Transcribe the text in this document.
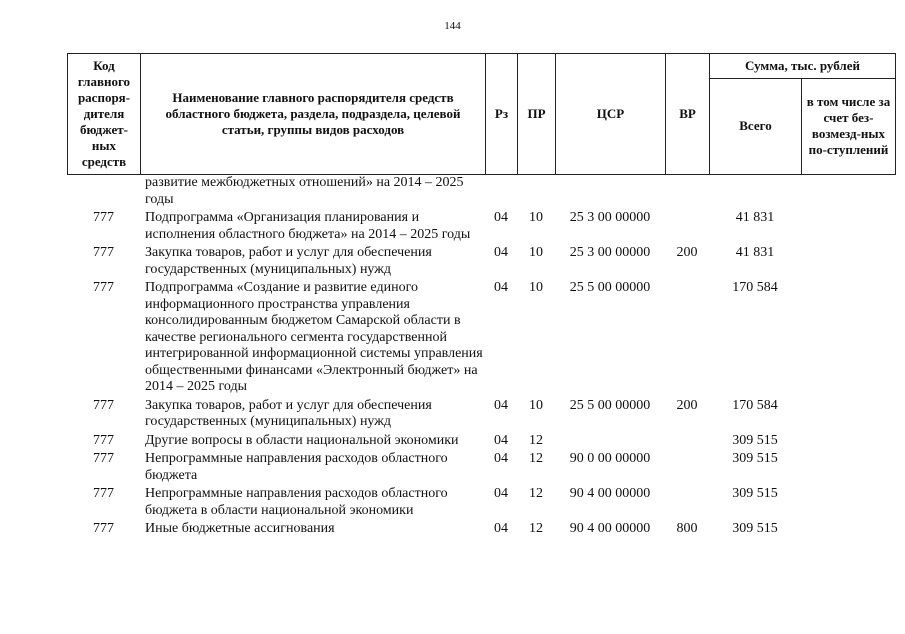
144
Код главного распоря-дителя бюджет-ных средств	Наименование главного распорядителя средств областного бюджета, раздела, подраздела, целевой статьи, группы видов расходов	Рз	ПР	ЦСР	ВР	Сумма, тыс. рублей	
						Всего	в том числе за счет без-возмезд-ных по-ступлений
	развитие межбюджетных отношений» на 2014 – 2025 годы						
777	Подпрограмма «Организация планирования и исполнения областного бюджета» на 2014 – 2025 годы	04	10	25 3 00 00000		41 831	
777	Закупка товаров, работ и услуг для обеспечения государственных (муниципальных) нужд	04	10	25 3 00 00000	200	41 831	
777	Подпрограмма «Создание и развитие единого информационного пространства управления консолидированным бюджетом Самарской области в качестве регионального сегмента государственной интегрированной информационной системы управления общественными финансами «Электронный бюджет» на 2014 – 2025 годы	04	10	25 5 00 00000		170 584	
777	Закупка товаров, работ и услуг для обеспечения государственных (муниципальных) нужд	04	10	25 5 00 00000	200	170 584	
777	Другие вопросы в области национальной экономики	04	12			309 515	
777	Непрограммные направления расходов областного бюджета	04	12	90 0 00 00000		309 515	
777	Непрограммные направления расходов областного бюджета в области национальной экономики	04	12	90 4 00 00000		309 515	
777	Иные бюджетные ассигнования	04	12	90 4 00 00000	800	309 515	
